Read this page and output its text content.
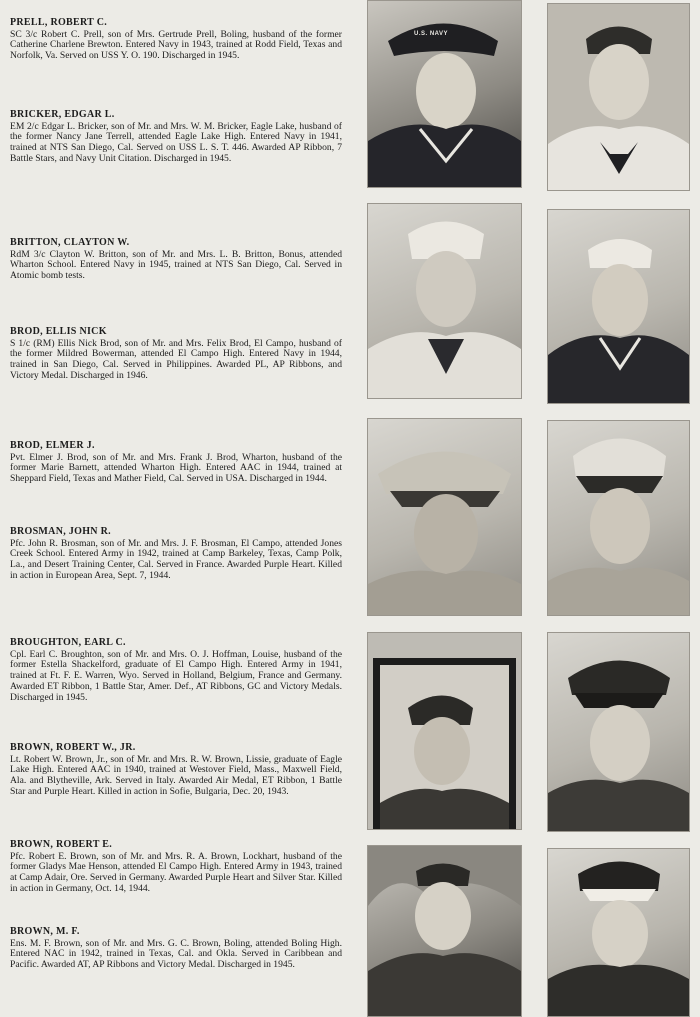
PRELL, ROBERT C.

SC 3/c Robert C. Prell, son of Mrs. Gertrude Prell, Boling, husband of the former Catherine Charlene Brewton. Entered Navy in 1943, trained at Rodd Field, Texas and Norfolk, Va. Served on USS Y. O. 190. Discharged in 1945.

BRICKER, EDGAR L.

EM 2/c Edgar L. Bricker, son of Mr. and Mrs. W. M. Bricker, Eagle Lake, husband of the former Nancy Jane Terrell, attended Eagle Lake High. Entered Navy in 1941, trained at NTS San Diego, Cal. Served on USS L. S. T. 446. Awarded AP Ribbon, 7 Battle Stars, and Navy Unit Citation. Discharged in 1945.

BRITTON, CLAYTON W.

RdM 3/c Clayton W. Britton, son of Mr. and Mrs. L. B. Britton, Bonus, attended Wharton School. Entered Navy in 1945, trained at NTS San Diego, Cal. Served in Atomic bomb tests.

BROD, ELLIS NICK

S 1/c (RM) Ellis Nick Brod, son of Mr. and Mrs. Felix Brod, El Campo, husband of the former Mildred Bowerman, attended El Campo High. Entered Navy in 1944, trained in San Diego, Cal. Served in Philippines. Awarded PL, AP Ribbons, and Victory Medal. Discharged in 1946.

BROD, ELMER J.

Pvt. Elmer J. Brod, son of Mr. and Mrs. Frank J. Brod, Wharton, husband of the former Marie Barnett, attended Wharton High. Entered AAC in 1944, trained at Sheppard Field, Texas and Mather Field, Cal. Served in USA. Discharged in 1944.

BROSMAN, JOHN R.

Pfc. John R. Brosman, son of Mr. and Mrs. J. F. Brosman, El Campo, attended Jones Creek School. Entered Army in 1942, trained at Camp Barkeley, Texas, Camp Polk, La., and Desert Training Center, Cal. Served in France. Awarded Purple Heart. Killed in action in European Area, Sept. 7, 1944.

BROUGHTON, EARL C.

Cpl. Earl C. Broughton, son of Mr. and Mrs. O. J. Hoffman, Louise, husband of the former Estella Shackelford, graduate of El Campo High. Entered Army in 1941, trained at Ft. F. E. Warren, Wyo. Served in Holland, Belgium, France and Germany. Awarded ET Ribbon, 1 Battle Star, Amer. Def., AT Ribbons, GC and Victory Medals. Discharged in 1945.

BROWN, ROBERT W., JR.

Lt. Robert W. Brown, Jr., son of Mr. and Mrs. R. W. Brown, Lissie, graduate of Eagle Lake High. Entered AAC in 1940, trained at Westover Field, Mass., Maxwell Field, Ala. and Blytheville, Ark. Served in Italy. Awarded Air Medal, ET Ribbon, 1 Battle Star and Purple Heart. Killed in action in Sofie, Bulgaria, Dec. 20, 1943.

BROWN, ROBERT E.

Pfc. Robert E. Brown, son of Mr. and Mrs. R. A. Brown, Lockhart, husband of the former Gladys Mae Henson, attended El Campo High. Entered Army in 1943, trained at Camp Adair, Ore. Served in Germany. Awarded Purple Heart and Silver Star. Killed in action in Germany, Oct. 14, 1944.

BROWN, M. F.

Ens. M. F. Brown, son of Mr. and Mrs. G. C. Brown, Boling, attended Boling High. Entered NAC in 1942, trained in Texas, Cal. and Okla. Served in Caribbean and Pacific. Awarded AT, AP Ribbons and Victory Medal. Discharged in 1945.

U.S. NAVY
